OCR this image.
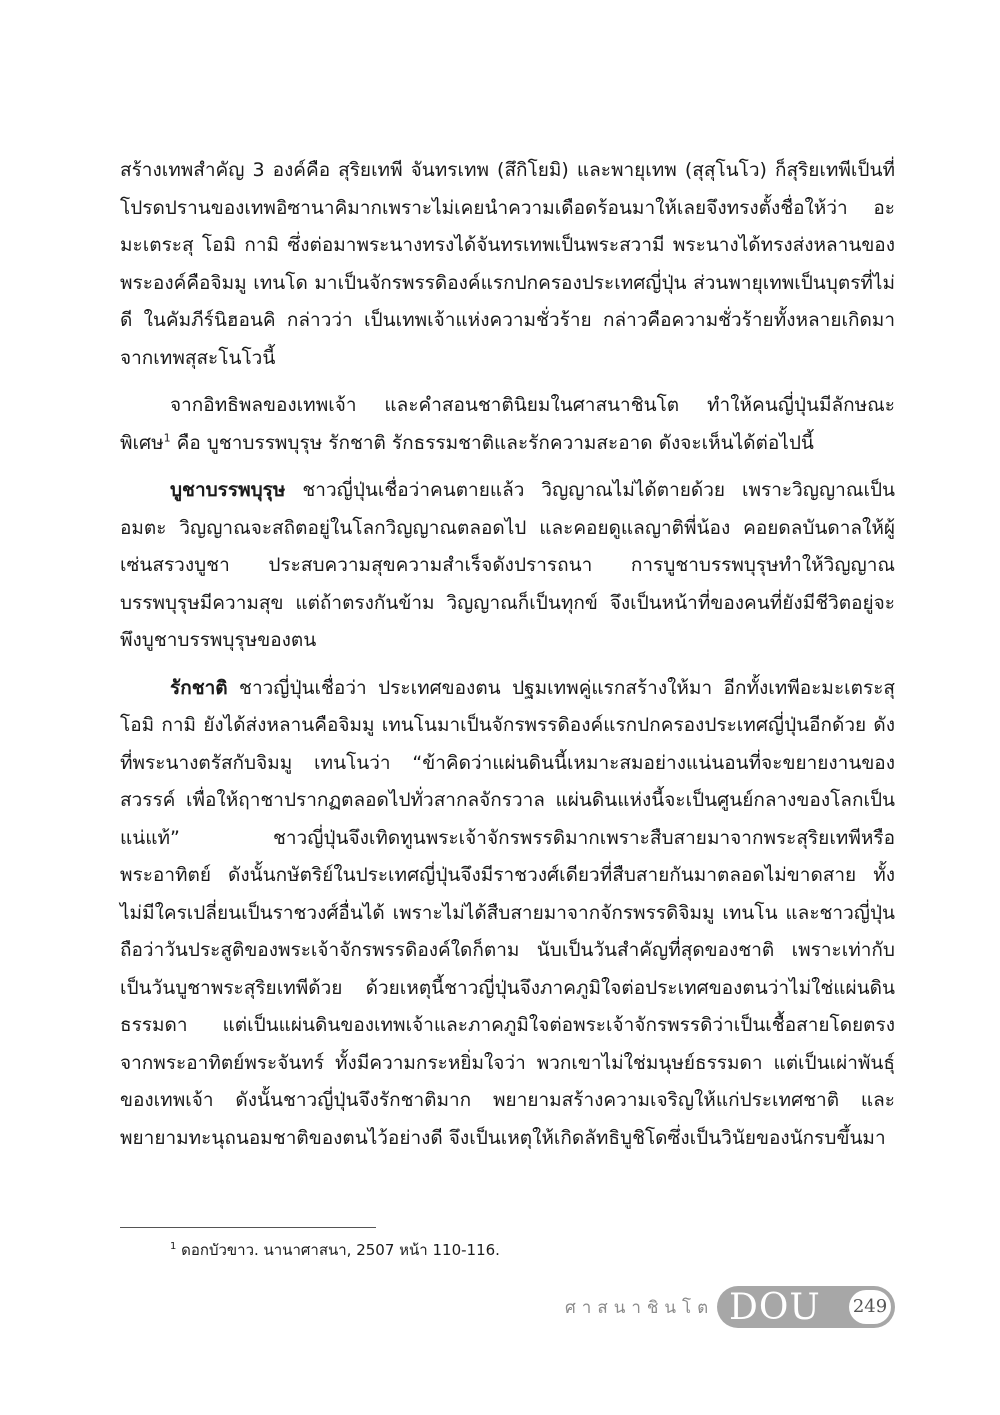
สร้างเทพสำคัญ 3 องค์คือ สุริยเทพี จันทรเทพ (สึกิโยมิ) และพายุเทพ (สุสุโนโว) ก็สุริยเทพีเป็นที่โปรดปรานของเทพอิซานาคิมากเพราะไม่เคยนำความเดือดร้อนมาให้เลยจึงทรงตั้งชื่อให้ว่า อะมะเตระสุ โอมิ กามิ ซึ่งต่อมาพระนางทรงได้จันทรเทพเป็นพระสวามี พระนางได้ทรงส่งหลานของพระองค์คือจิมมู เทนโด มาเป็นจักรพรรดิองค์แรกปกครองประเทศญี่ปุ่น ส่วนพายุเทพเป็นบุตรที่ไม่ดี ในคัมภีร์นิฮอนคิ กล่าวว่า เป็นเทพเจ้าแห่งความชั่วร้าย กล่าวคือความชั่วร้ายทั้งหลายเกิดมาจากเทพสุสะโนโวนี้

จากอิทธิพลของเทพเจ้า และคำสอนชาตินิยมในศาสนาชินโต ทำให้คนญี่ปุ่นมีลักษณะพิเศษ$^1$ คือ บูชาบรรพบุรุษ รักชาติ รักธรรมชาติและรักความสะอาด ดังจะเห็นได้ต่อไปนี้

บูชาบรรพบุรุษ ชาวญี่ปุ่นเชื่อว่าคนตายแล้ว วิญญาณไม่ได้ตายด้วย เพราะวิญญาณเป็นอมตะ วิญญาณจะสถิตอยู่ในโลกวิญญาณตลอดไป และคอยดูแลญาติพี่น้อง คอยดลบันดาลให้ผู้เซ่นสรวงบูชา ประสบความสุขความสำเร็จดังปรารถนา การบูชาบรรพบุรุษทำให้วิญญาณบรรพบุรุษมีความสุข แต่ถ้าตรงกันข้าม วิญญาณก็เป็นทุกข์ จึงเป็นหน้าที่ของคนที่ยังมีชีวิตอยู่จะพึงบูชาบรรพบุรุษของตน

รักชาติ ชาวญี่ปุ่นเชื่อว่า ประเทศของตน ปฐมเทพคู่แรกสร้างให้มา อีกทั้งเทพีอะมะเตระสุ โอมิ กามิ ยังได้ส่งหลานคือจิมมู เทนโนมาเป็นจักรพรรดิองค์แรกปกครองประเทศญี่ปุ่นอีกด้วย ดังที่พระนางตรัสกับจิมมู เทนโนว่า “ข้าคิดว่าแผ่นดินนี้เหมาะสมอย่างแน่นอนที่จะขยายงานของสวรรค์ เพื่อให้ฤาชาปรากฏตลอดไปทั่วสากลจักรวาล แผ่นดินแห่งนี้จะเป็นศูนย์กลางของโลกเป็นแน่แท้” ชาวญี่ปุ่นจึงเทิดทูนพระเจ้าจักรพรรดิมากเพราะสืบสายมาจากพระสุริยเทพีหรือพระอาทิตย์ ดังนั้นกษัตริย์ในประเทศญี่ปุ่นจึงมีราชวงศ์เดียวที่สืบสายกันมาตลอดไม่ขาดสาย ทั้งไม่มีใครเปลี่ยนเป็นราชวงศ์อื่นได้ เพราะไม่ได้สืบสายมาจากจักรพรรดิจิมมู เทนโน และชาวญี่ปุ่นถือว่าวันประสูติของพระเจ้าจักรพรรดิองค์ใดก็ตาม นับเป็นวันสำคัญที่สุดของชาติ เพราะเท่ากับเป็นวันบูชาพระสุริยเทพีด้วย ด้วยเหตุนี้ชาวญี่ปุ่นจึงภาคภูมิใจต่อประเทศของตนว่าไม่ใช่แผ่นดินธรรมดา แต่เป็นแผ่นดินของเทพเจ้าและภาคภูมิใจต่อพระเจ้าจักรพรรดิว่าเป็นเชื้อสายโดยตรงจากพระอาทิตย์พระจันทร์ ทั้งมีความกระหยิ่มใจว่า พวกเขาไม่ใช่มนุษย์ธรรมดา แต่เป็นเผ่าพันธุ์ของเทพเจ้า ดังนั้นชาวญี่ปุ่นจึงรักชาติมาก พยายามสร้างความเจริญให้แก่ประเทศชาติ และพยายามทะนุถนอมชาติของตนไว้อย่างดี จึงเป็นเหตุให้เกิดลัทธิบูชิโดซึ่งเป็นวินัยของนักรบขึ้นมา

$^1$ ดอกบัวขาว. นานาศาสนา, 2507 หน้า 110-116.
ศาสนาชินโต DOU 249
